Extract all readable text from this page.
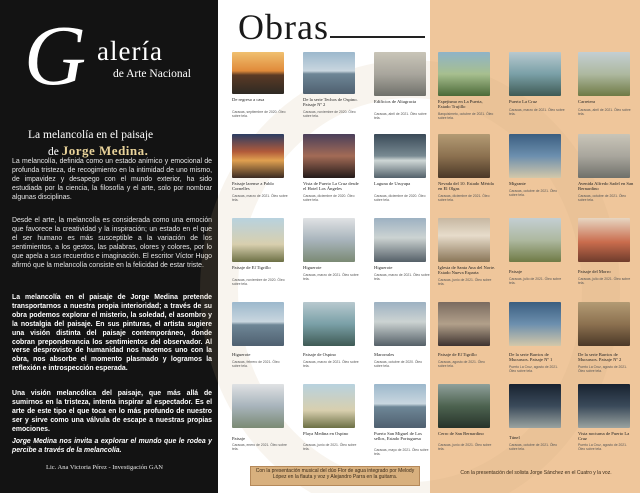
G alería
de Arte Nacional
La melancolía en el paisaje
de Jorge Medina.

La melancolía, definida como un estado anímico y emocional de profunda tristeza, de recogimiento en la intimidad de uno mismo, de impavidez y desapego con el mundo exterior, ha sido estudiada por la ciencia, la filosofía y el arte, solo por nombrar algunas disciplinas.

Desde el arte, la melancolía es considerada como una emoción que favorece la creatividad y la inspiración; un estado en el que el ser humano es más susceptible a la variación de los sentimientos, a los gestos, las palabras, olores y colores, por lo que apela a sus recuerdos e imaginación. El escritor Víctor Hugo afirmó que la melancolía consiste en la felicidad de estar triste.

La melancolía en el paisaje de Jorge Medina pretende transportarnos a nuestra propia interioridad; a través de su obra podemos explorar el misterio, la soledad, el asombro y la nostalgia del paisaje. En sus pinturas, el artista sugiere una visión distinta del paisaje contemporáneo, donde cobran preponderancia los sentimientos del observador. Al verse desprovisto de humanidad nos hacemos uno con la obra, nos absorbe el momento plasmado y logramos la reflexión e introspección esperada.

Una visión melancólica del paisaje, que más allá de sumirnos en la tristeza, intenta inspirar al espectador. Es el arte de este tipo el que toca en lo más profundo de nuestro ser y sirve como una válvula de escape a nuestras propias emociones.

Jorge Medina nos invita a explorar el mundo que le rodea y percibe a través de la melancolía.

Lic. Ana Victoria Pérez - Investigación GAN
Obras
De regreso a casa
Caracas, septiembre de 2020. Óleo sobre tela.
De la serie Techos de Ospino. Paisaje Nº 2
Caracas, noviembre de 2020. Óleo sobre tela.
Edificios de Altagracia
Caracas, abril de 2021. Óleo sobre tela.
Espejismo en La Puerta, Estado Trujillo
Barquisimeto, octubre de 2021. Óleo sobre tela.
Puerto La Cruz
Caracas, marzo de 2021. Óleo sobre tela.
Carretera
Caracas, abril de 2021. Óleo sobre tela.
Paisaje larense a Pablo Cornelles
Caracas, marzo de 2021. Óleo sobre tela.
Vista de Puerto La Cruz desde el Hotel Los Ángeles
Caracas, diciembre de 2020. Óleo sobre tela.
Laguna de Uruyapa
Caracas, diciembre de 2020. Óleo sobre tela.
Nevada del 10. Estado Mérida en El Olgas
Caracas, diciembre de 2021. Óleo sobre tela.
Migrante
Caracas, octubre de 2021. Óleo sobre tela.
Avenida Alfredo Sadel en San Bernardino
Caracas, octubre de 2021. Óleo sobre tela.
Paisaje de El Tigrillo
Caracas, noviembre de 2020. Óleo sobre tela.
Higuerote
Caracas, marzo de 2021. Óleo sobre tela.
Higuerote
Caracas, marzo de 2021. Óleo sobre tela.
Iglesia de Santa Ana del Norte. Estado Nueva Esparta
Caracas, junio de 2021. Óleo sobre tela.
Paisaje
Caracas, julio de 2021. Óleo sobre tela.
Paisaje del Morro
Caracas, julio de 2021. Óleo sobre tela.
Higuerote
Caracas, febrero de 2021. Óleo sobre tela.
Paisaje de Ospino
Caracas, marzo de 2021. Óleo sobre tela.
Marorrales
Caracas, octubre de 2020. Óleo sobre tela.
Paisaje de El Tigrillo
Caracas, agosto de 2021. Óleo sobre tela.
De la serie Barrios de Mucuruos. Paisaje Nº 1
Puerto La Cruz, agosto de 2021. Óleo sobre tela.
De la serie Barrios de Mucuruos. Paisaje Nº 2
Puerto La Cruz, agosto de 2021. Óleo sobre tela.
Paisaje
Caracas, enero de 2021. Óleo sobre tela.
Playa Medina en Ospino
Caracas, junio de 2021. Óleo sobre tela.
Puerto San Miguel de Los sellos, Estado Portuguesa
Caracas, mayo de 2021. Óleo sobre tela.
Cerro de San Bernardino
Caracas, junio de 2021. Óleo sobre tela.
Túnel
Caracas, octubre de 2021. Óleo sobre tela.
Vista nocturna de Puerto La Cruz
Puerto La Cruz, agosto de 2021. Óleo sobre tela.
Con la presentación musical del dúo Flor de agua integrado por Melody López en la flauta y voz y Alejandro Parra en la guitarra.
Con la presentación del solista Jorge Sánchez en el Cuatro y la voz.
